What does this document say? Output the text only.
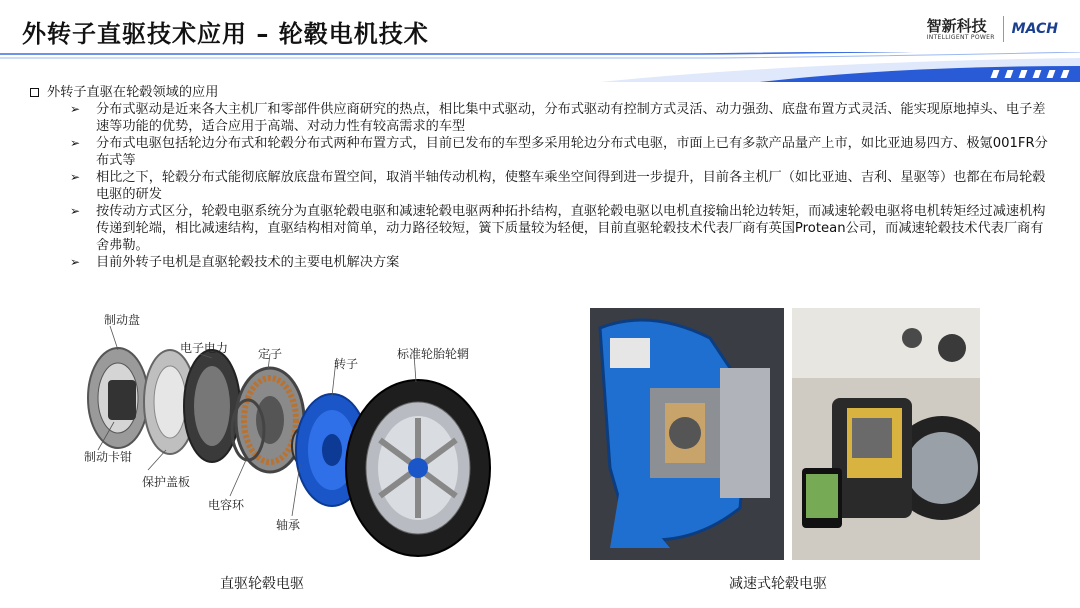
外转子直驱技术应用 – 轮毂电机技术	智新科技
INTELLIGENT POWER MACH
外转子直驱在轮毂领域的应用
➢ 分布式驱动是近来各大主机厂和零部件供应商研究的热点，相比集中式驱动，分布式驱动有控制方式灵活、动力强劲、底盘布置方式灵活、能实现原地掉头、电子差速等功能的优势，适合应用于高端、对动力性有较高需求的车型
➢ 分布式电驱包括轮边分布式和轮毂分布式两种布置方式，目前已发布的车型多采用轮边分布式电驱，市面上已有多款产品量产上市，如比亚迪易四方、极氪001FR分布式等
➢ 相比之下，轮毂分布式能彻底解放底盘布置空间，取消半轴传动机构，使整车乘坐空间得到进一步提升，目前各主机厂（如比亚迪、吉利、星驱等）也都在布局轮毂电驱的研发
➢ 按传动方式区分，轮毂电驱系统分为直驱轮毂电驱和减速轮毂电驱两种拓扑结构，直驱轮毂电驱以电机直接输出轮边转矩，而减速轮毂电驱将电机转矩经过减速机构传递到轮端，相比减速结构，直驱结构相对简单，动力路径较短，簧下质量较为轻便，目前直驱轮毂技术代表厂商有英国Protean公司，而减速轮毂技术代表厂商有舍弗勒。
➢ 目前外转子电机是直驱轮毂技术的主要电机解决方案
制动盘
电子电力 定子
转子
标准轮胎轮辋
制动卡钳
保护盖板
电容环
轴承
直驱轮毂电驱	减速式轮毂电驱
